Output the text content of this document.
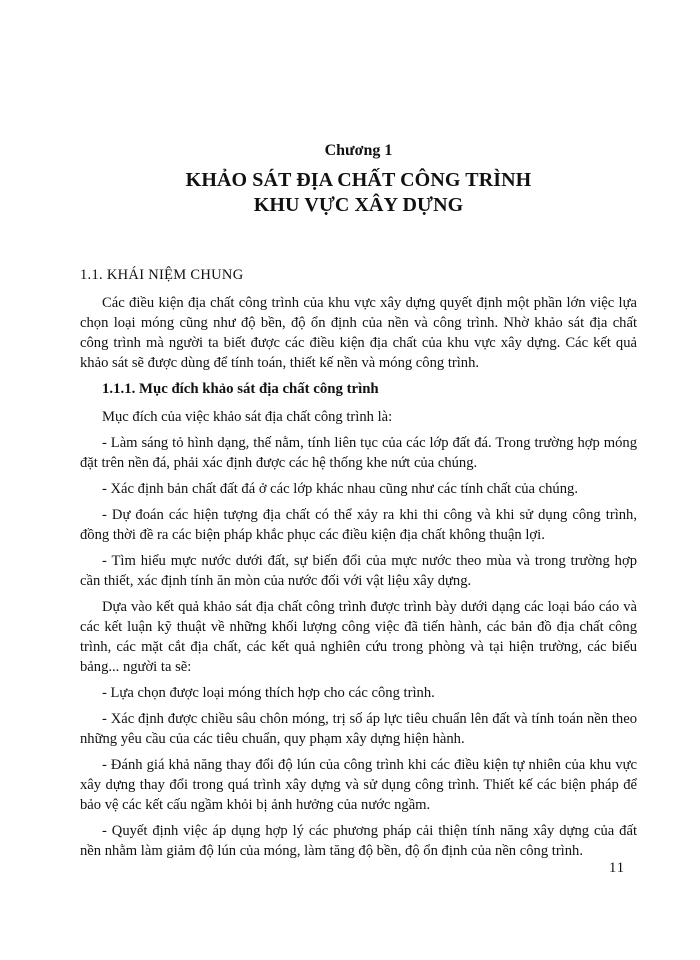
Chương 1
KHẢO SÁT ĐỊA CHẤT CÔNG TRÌNH
KHU VỰC XÂY DỰNG
1.1. KHÁI NIỆM CHUNG

Các điều kiện địa chất công trình của khu vực xây dựng quyết định một phần lớn việc lựa chọn loại móng cũng như độ bền, độ ổn định của nền và công trình. Nhờ khảo sát địa chất công trình mà người ta biết được các điều kiện địa chất của khu vực xây dựng. Các kết quả khảo sát sẽ được dùng để tính toán, thiết kế nền và móng công trình.

1.1.1. Mục đích khảo sát địa chất công trình

Mục đích của việc khảo sát địa chất công trình là:

- Làm sáng tỏ hình dạng, thế nằm, tính liên tục của các lớp đất đá. Trong trường hợp móng đặt trên nền đá, phải xác định được các hệ thống khe nứt của chúng.

- Xác định bản chất đất đá ở các lớp khác nhau cũng như các tính chất của chúng.

- Dự đoán các hiện tượng địa chất có thể xảy ra khi thi công và khi sử dụng công trình, đồng thời đề ra các biện pháp khắc phục các điều kiện địa chất không thuận lợi.

- Tìm hiểu mực nước dưới đất, sự biến đổi của mực nước theo mùa và trong trường hợp cần thiết, xác định tính ăn mòn của nước đối với vật liệu xây dựng.

Dựa vào kết quả khảo sát địa chất công trình được trình bày dưới dạng các loại báo cáo và các kết luận kỹ thuật về những khối lượng công việc đã tiến hành, các bản đồ địa chất công trình, các mặt cắt địa chất, các kết quả nghiên cứu trong phòng và tại hiện trường, các biểu bảng... người ta sẽ:

- Lựa chọn được loại móng thích hợp cho các công trình.

- Xác định được chiều sâu chôn móng, trị số áp lực tiêu chuẩn lên đất và tính toán nền theo những yêu cầu của các tiêu chuẩn, quy phạm xây dựng hiện hành.

- Đánh giá khả năng thay đổi độ lún của công trình khi các điều kiện tự nhiên của khu vực xây dựng thay đổi trong quá trình xây dựng và sử dụng công trình. Thiết kế các biện pháp để bảo vệ các kết cấu ngầm khỏi bị ảnh hưởng của nước ngầm.

- Quyết định việc áp dụng hợp lý các phương pháp cải thiện tính năng xây dựng của đất nền nhằm làm giảm độ lún của móng, làm tăng độ bền, độ ổn định của nền công trình.

11
